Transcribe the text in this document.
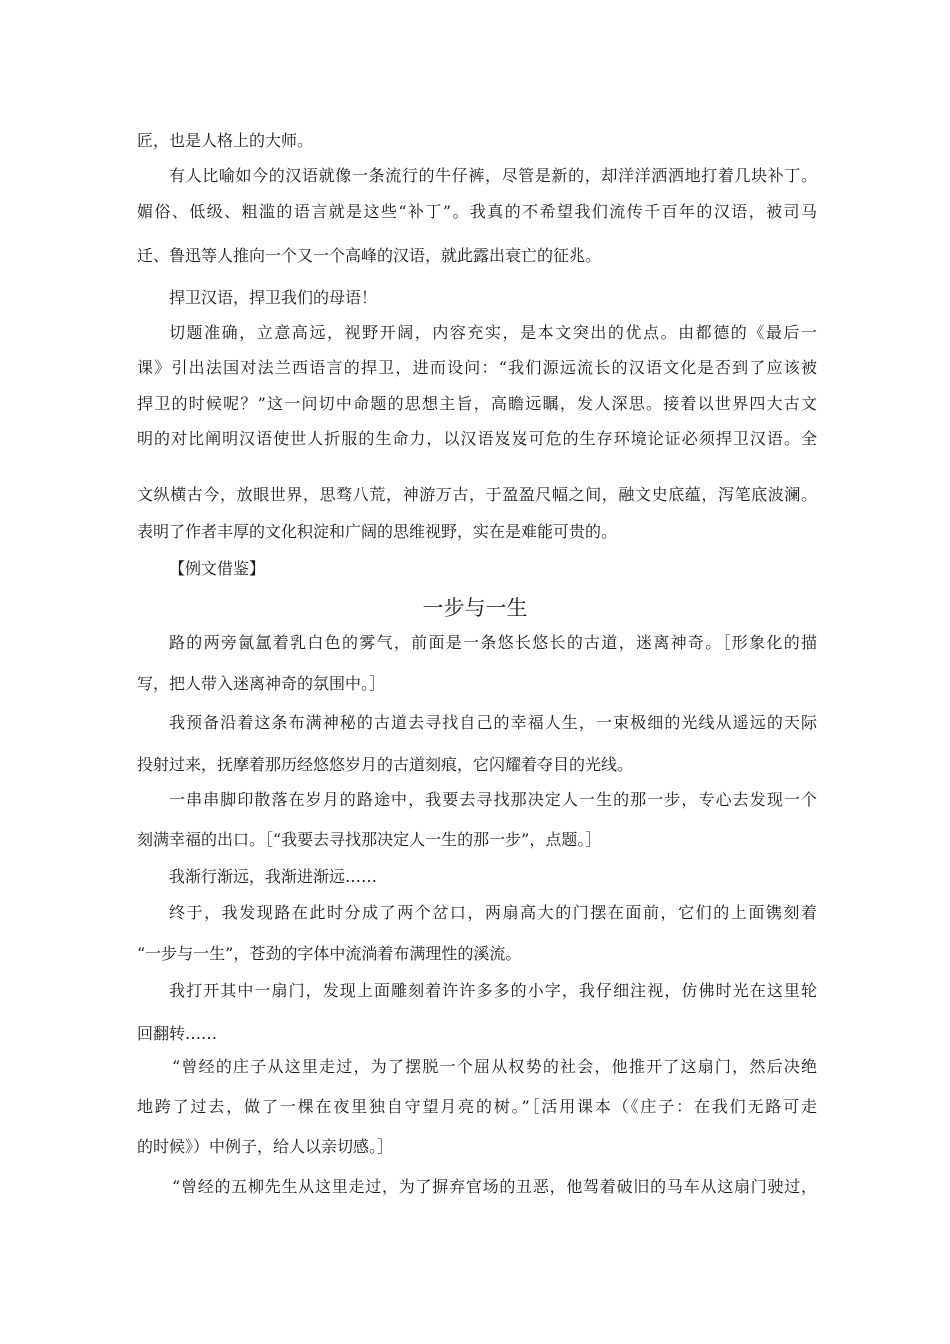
匠，也是人格上的大师。
有人比喻如今的汉语就像一条流行的牛仔裤，尽管是新的，却洋洋洒洒地打着几块补丁。
媚俗、低级、粗滥的语言就是这些“补丁”。我真的不希望我们流传千百年的汉语，被司马
迁、鲁迅等人推向一个又一个高峰的汉语，就此露出衰亡的征兆。
捍卫汉语，捍卫我们的母语！
切题准确，立意高远，视野开阔，内容充实，是本文突出的优点。由都德的《最后一
课》引出法国对法兰西语言的捍卫，进而设问：“我们源远流长的汉语文化是否到了应该被
捍卫的时候呢？”这一问切中命题的思想主旨，高瞻远瞩，发人深思。接着以世界四大古文
明的对比阐明汉语使世人折服的生命力，以汉语岌岌可危的生存环境论证必须捍卫汉语。全
文纵横古今，放眼世界，思骛八荒，神游万古，于盈盈尺幅之间，融文史底蕴，泻笔底波澜。
表明了作者丰厚的文化积淀和广阔的思维视野，实在是难能可贵的。
【例文借鉴】
路的两旁氤氲着乳白色的雾气，前面是一条悠长悠长的古道，迷离神奇。［形象化的描
写，把人带入迷离神奇的氛围中。］
我预备沿着这条布满神秘的古道去寻找自己的幸福人生，一束极细的光线从遥远的天际
投射过来，抚摩着那历经悠悠岁月的古道刻痕，它闪耀着夺目的光线。
一串串脚印散落在岁月的路途中，我要去寻找那决定人一生的那一步，专心去发现一个
刻满幸福的出口。［“我要去寻找那决定人一生的那一步”，点题。］
我渐行渐远，我渐进渐远……
终于，我发现路在此时分成了两个岔口，两扇高大的门摆在面前，它们的上面镌刻着
“一步与一生”，苍劲的字体中流淌着布满理性的溪流。
我打开其中一扇门，发现上面雕刻着许许多多的小字，我仔细注视，仿佛时光在这里轮
回翻转……
“曾经的庄子从这里走过，为了摆脱一个屈从权势的社会，他推开了这扇门，然后决绝
地跨了过去，做了一棵在夜里独自守望月亮的树。”［活用课本（《庄子：在我们无路可走
的时候》）中例子，给人以亲切感。］
“曾经的五柳先生从这里走过，为了摒弃官场的丑恶，他驾着破旧的马车从这扇门驶过，
一步与一生
